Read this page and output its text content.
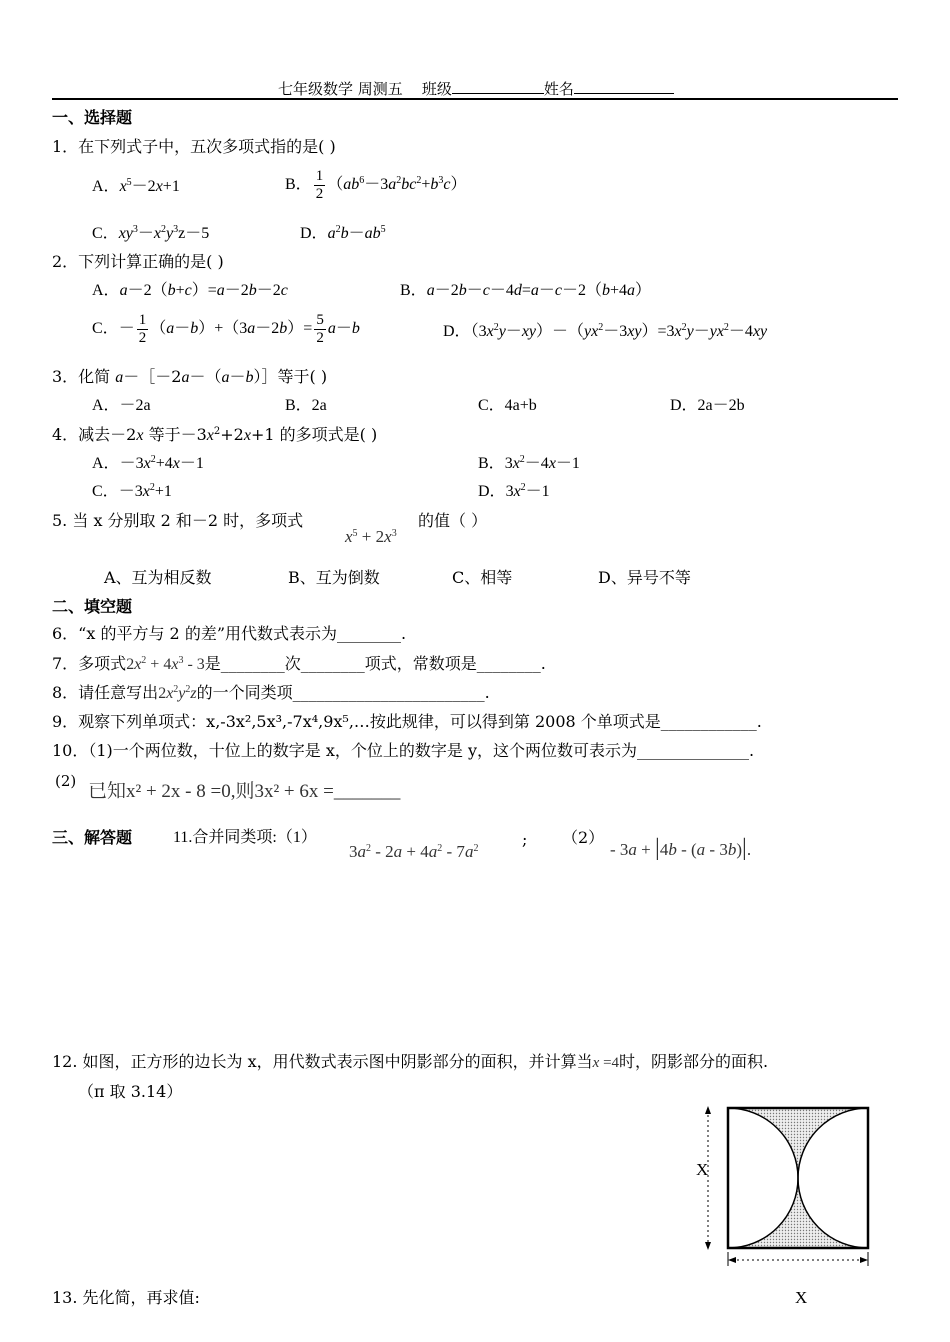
七年级数学 周测五 班级	姓名
一、选择题
1．在下列式子中，五次多项式指的是( )
A．$x^5-2x+1$	B． $\frac{1}{2} (ab^6-3a^2bc^2+b^3c)$
C．$xy^3-x^2y^3z-5$	D．$a^2b-ab^5$
2．下列计算正确的是( )
A．a－2（b+c）=a－2b－2c	B．a－2b－c－4d=a－c－2（b+4a）
C．－ $\frac{1}{2} (a-b)+(3a-2b)= \frac{5}{2} a-b$	D．$(3x^2y-xy)-(yx^2-3xy)=3x^2y-yx^2-4xy$
3．化简 a－［－2a－（a－b）］等于( )
A．－2a	B．2a	C．4a+b	D．2a－2b
4．减去－2x 等于$-3x^2+2x+1$ 的多项式是( )
A．$-3x^2+4x-1$	B．$3x^2-4x-1$
C．$-3x^2+1$	D．$3x^2-1$
5. 当 x 分别取 2 和－2 时，多项式
$x^5 + 2x^3$
的值（ ）
A、互为相反数	B、互为倒数	C、相等	D、异号不等
二、填空题
6．“x 的平方与 2 的差”用代数式表示为________.
7．多项式$2x^2 + 4x^3 - 3$是________次________项式，常数项是________.
8．请任意写出$2x^2y^2z$的一个同类项________________________.
9．观察下列单项式：x,-3x²,5x³,-7x⁴,9x⁵,…按此规律，可以得到第 2008 个单项式是____________.
10．（1)一个两位数，十位上的数字是 x，个位上的数字是 y，这个两位数可表示为______________.
(2) 已知x² + 2x - 8 =0,则3x² + 6x =_______
三、解答题	11.合并同类项:（1）
$3a^2 - 2a + 4a^2 - 7a^2$	; （2）
- 3a + |4b - (a - 3b)|.
12. 如图，正方形的边长为 x，用代数式表示图中阴影部分的面积，并计算当x =4时，阴影部分的面积.
（π 取 3.14）
X
X
13. 先化简，再求值:
